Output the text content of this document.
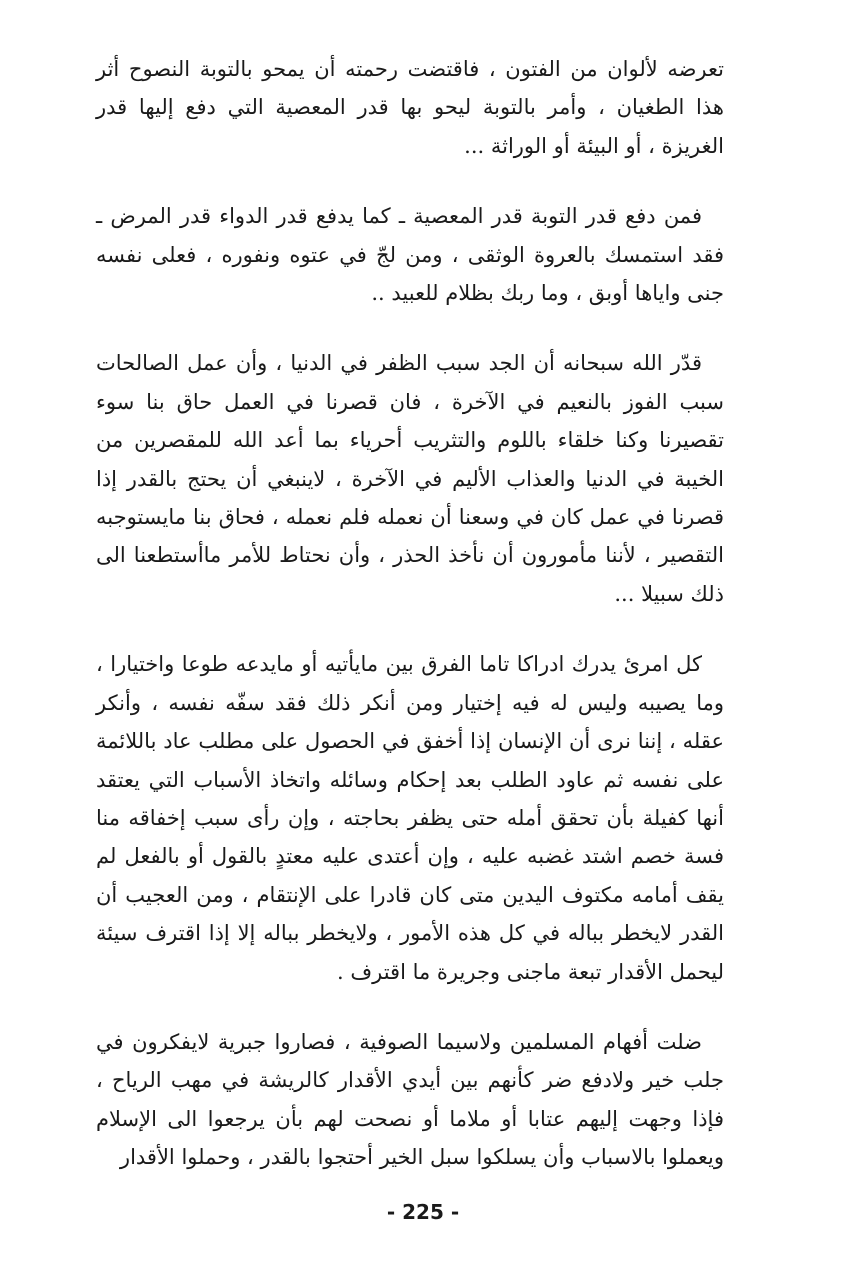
تعرضه لألوان من الفتون ، فاقتضت رحمته أن يمحو بالتوبة النصوح أثر هذا الطغيان ، وأمر بالتوبة ليحو بها قدر المعصية التي دفع إليها قدر الغريزة ، أو البيئة أو الوراثة ...

فمن دفع قدر التوبة قدر المعصية ـ كما يدفع قدر الدواء قدر المرض ـ فقد استمسك بالعروة الوثقى ، ومن لجّ في عتوه ونفوره ، فعلى نفسه جنى واياها أوبق ، وما ربك بظلام للعبيد ..

قدّر الله سبحانه أن الجد سبب الظفر في الدنيا ، وأن عمل الصالحات سبب الفوز بالنعيم في الآخرة ، فان قصرنا في العمل حاق بنا سوء تقصيرنا وكنا خلقاء باللوم والتثريب أحرياء بما أعد الله للمقصرين من الخيبة في الدنيا والعذاب الأليم في الآخرة ، لاينبغي أن يحتج بالقدر إذا قصرنا في عمل كان في وسعنا أن نعمله فلم نعمله ، فحاق بنا مايستوجبه التقصير ، لأننا مأمورون أن نأخذ الحذر ، وأن نحتاط للأمر ماأستطعنا الى ذلك سبيلا ...

كل امرئ يدرك ادراكا تاما الفرق بين مايأتيه أو مايدعه طوعا واختيارا ، وما يصيبه وليس له فيه إختيار ومن أنكر ذلك فقد سفّه نفسه ، وأنكر عقله ، إننا نرى أن الإنسان إذا أخفق في الحصول على مطلب عاد باللائمة على نفسه ثم عاود الطلب بعد إحكام وسائله واتخاذ الأسباب التي يعتقد أنها كفيلة بأن تحقق أمله حتى يظفر بحاجته ، وإن رأى سبب إخفاقه منا فسة خصم اشتد غضبه عليه ، وإن أعتدى عليه معتدٍ بالقول أو بالفعل لم يقف أمامه مكتوف اليدين متى كان قادرا على الإنتقام ، ومن العجيب أن القدر لايخطر بباله في كل هذه الأمور ، ولايخطر بباله إلا إذا اقترف سيئة ليحمل الأقدار تبعة ماجنى وجريرة ما اقترف .

ضلت أفهام المسلمين ولاسيما الصوفية ، فصاروا جبرية لايفكرون في جلب خير ولادفع ضر كأنهم بين أيدي الأقدار كالريشة في مهب الرياح ، فإذا وجهت إليهم عتابا أو ملاما أو نصحت لهم بأن يرجعوا الى الإسلام ويعملوا بالاسباب وأن يسلكوا سبل الخير أحتجوا بالقدر ، وحملوا الأقدار

- 225 -
